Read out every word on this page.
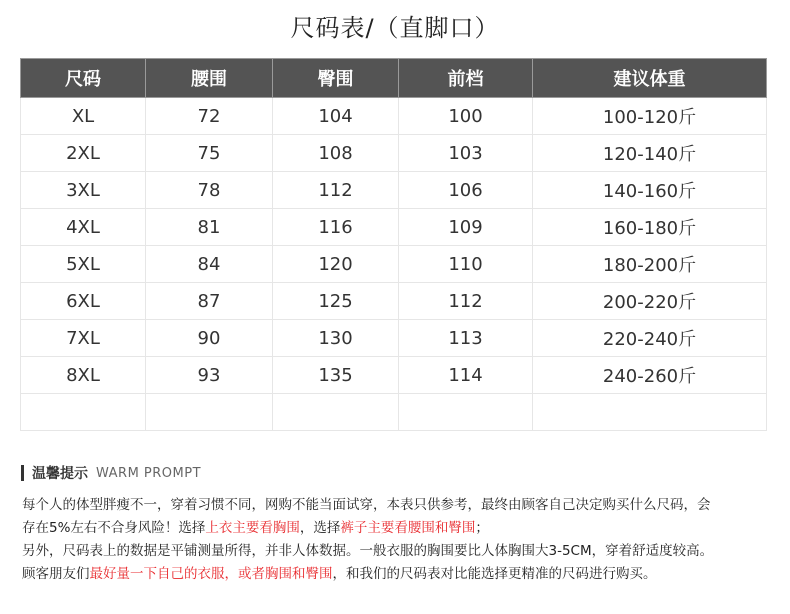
尺码表/（直脚口）
尺码	腰围	臀围	前档	建议体重
XL	72	104	100	100-120斤
2XL	75	108	103	120-140斤
3XL	78	112	106	140-160斤
4XL	81	116	109	160-180斤
5XL	84	120	110	180-200斤
6XL	87	125	112	200-220斤
7XL	90	130	113	220-240斤
8XL	93	135	114	240-260斤

温馨提示 WARM PROMPT
每个人的体型胖瘦不一，穿着习惯不同，网购不能当面试穿，本表只供参考，最终由顾客自己决定购买什么尺码，会
存在5%左右不合身风险！选择上衣主要看胸围，选择裤子主要看腰围和臀围；
另外，尺码表上的数据是平铺测量所得，并非人体数据。一般衣服的胸围要比人体胸围大3-5CM，穿着舒适度较高。
顾客朋友们最好量一下自己的衣服，或者胸围和臀围，和我们的尺码表对比能选择更精准的尺码进行购买。
